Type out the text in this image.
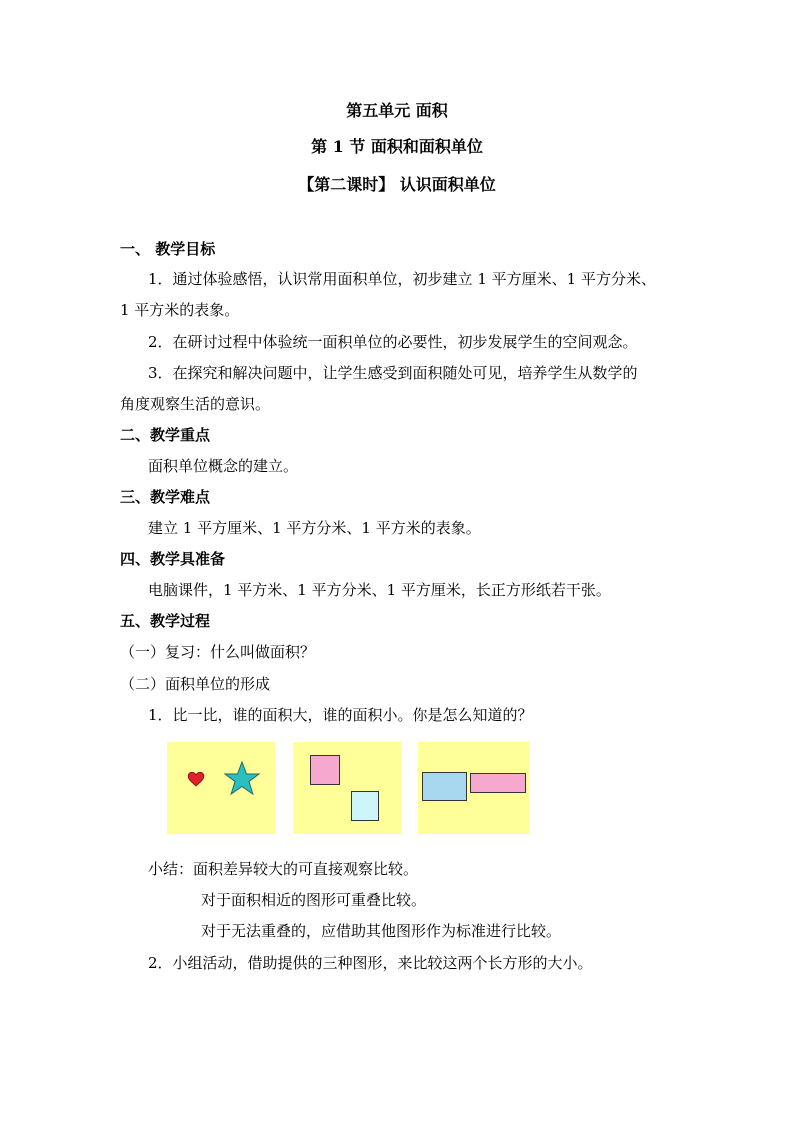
第五单元 面积
第 1 节 面积和面积单位
【第二课时】 认识面积单位
一、 教学目标
1．通过体验感悟，认识常用面积单位，初步建立 1 平方厘米、1 平方分米、
1 平方米的表象。
2．在研讨过程中体验统一面积单位的必要性，初步发展学生的空间观念。
3．在探究和解决问题中，让学生感受到面积随处可见，培养学生从数学的
角度观察生活的意识。
二、教学重点
面积单位概念的建立。
三、教学难点
建立 1 平方厘米、1 平方分米、1 平方米的表象。
四、教学具准备
电脑课件，1 平方米、1 平方分米、1 平方厘米，长正方形纸若干张。
五、教学过程
（一）复习：什么叫做面积？
（二）面积单位的形成
1．比一比，谁的面积大，谁的面积小。你是怎么知道的？
小结：面积差异较大的可直接观察比较。
对于面积相近的图形可重叠比较。
对于无法重叠的，应借助其他图形作为标准进行比较。
2．小组活动，借助提供的三种图形，来比较这两个长方形的大小。
